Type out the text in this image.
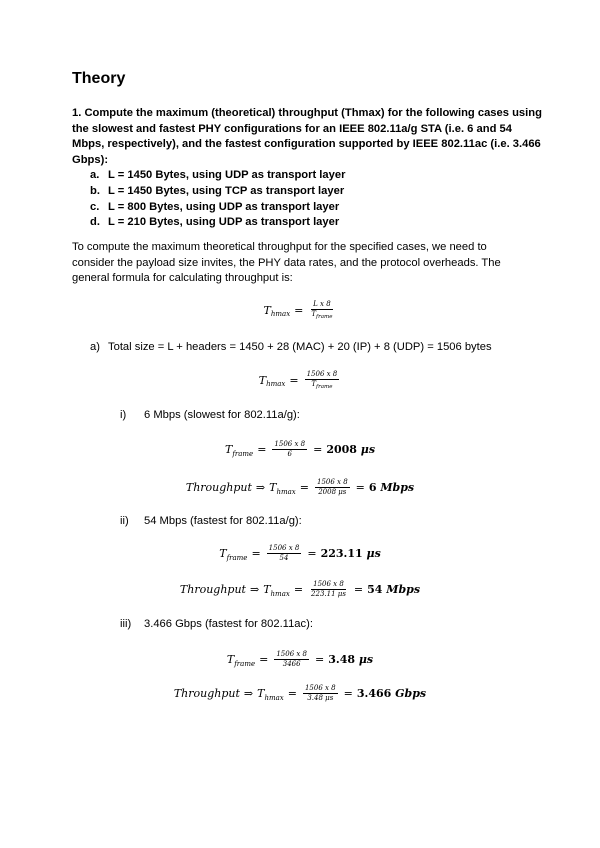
Theory
1. Compute the maximum (theoretical) throughput (Thmax) for the following cases using the slowest and fastest PHY configurations for an IEEE 802.11a/g STA (i.e. 6 and 54 Mbps, respectively), and the fastest configuration supported by IEEE 802.11ac (i.e. 3.466 Gbps):
a. L = 1450 Bytes, using UDP as transport layer
b. L = 1450 Bytes, using TCP as transport layer
c. L = 800 Bytes, using UDP as transport layer
d. L = 210 Bytes, using UDP as transport layer
To compute the maximum theoretical throughput for the specified cases, we need to consider the payload size invites, the PHY data rates, and the protocol overheads. The general formula for calculating throughput is:
T $hmax = \frac{\text{L x 8}}{T_{frame}}$
a) Total size = L + headers = 1450 + 28 (MAC) + 20 (IP) + 8 (UDP) = 1506 bytes
T $hmax = \frac{1506 x 8}{T_{frame}}$
i) 6 Mbps (slowest for 802.11a/g):
T frame = $\frac{1506 x 8}{6} = 2008$ μs
Throughput ⇒ T $hmax = \frac{1506 x 8}{2008 \mu s} = 6$ Mbps
ii) 54 Mbps (fastest for 802.11a/g):
T frame = $\frac{1506 x 8}{54} = 223.11$ μs
Throughput ⇒ T $hmax = \frac{1506 x 8}{223.11 \mu s} = 54$ Mbps
iii) 3.466 Gbps (fastest for 802.11ac):
T frame = $\frac{1506 x 8}{3466} = 3.48$ μs
Throughput ⇒ T $hmax = \frac{1506 x 8}{3.48 \mu s} = 3.466$ Gbps
